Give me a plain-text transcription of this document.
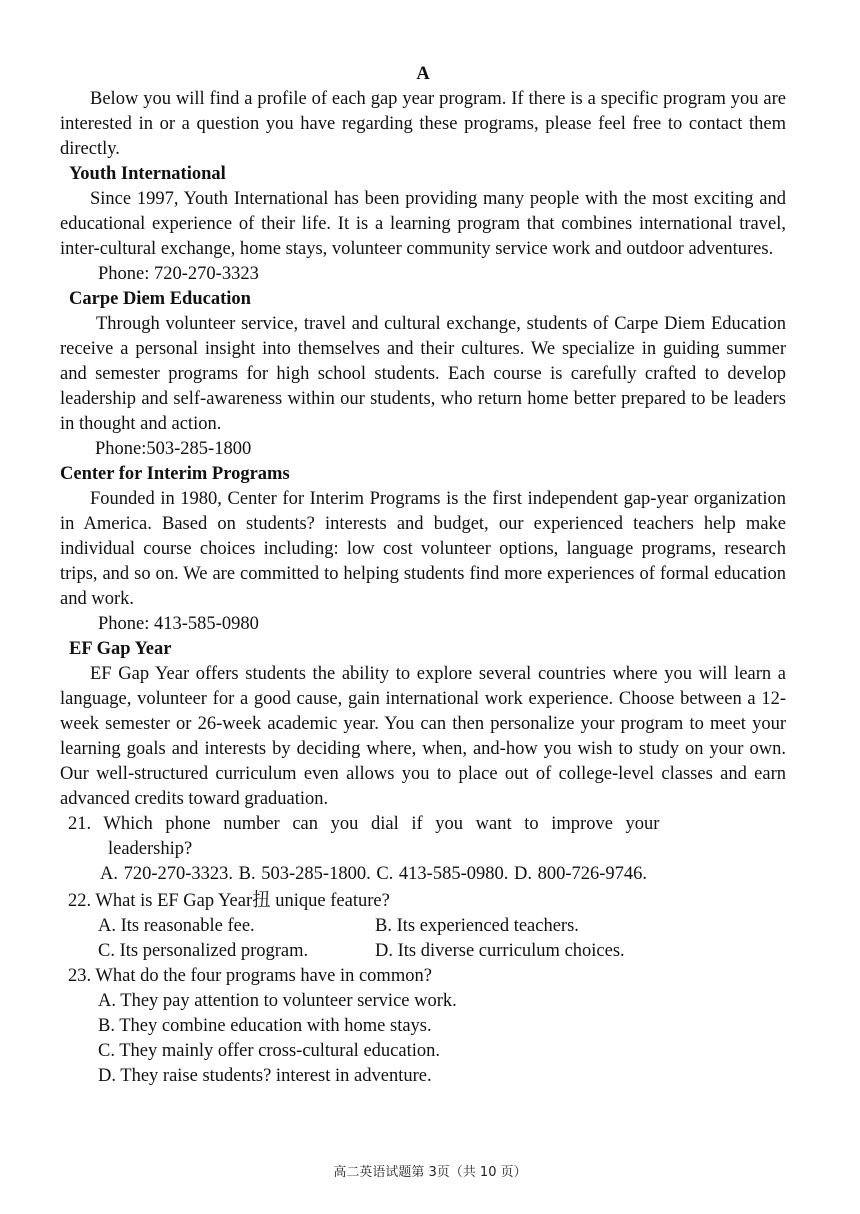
A

Below you will find a profile of each gap year program. If there is a specific program you are interested in or a question you have regarding these programs, please feel free to contact them directly.

Youth International

Since 1997, Youth International has been providing many people with the most exciting and educational experience of their life. It is a learning program that combines international travel, inter-cultural exchange, home stays, volunteer community service work and outdoor adventures.

Phone: 720-270-3323

Carpe Diem Education

Through volunteer service, travel and cultural exchange, students of Carpe Diem Education receive a personal insight into themselves and their cultures. We specialize in guiding summer and semester programs for high school students. Each course is carefully crafted to develop leadership and self-awareness within our students, who return home better prepared to be leaders in thought and action.

Phone:503-285-1800

Center for Interim Programs

Founded in 1980, Center for Interim Programs is the first independent gap-year organization in America. Based on students? interests and budget, our experienced teachers help make individual course choices including: low cost volunteer options, language programs, research trips, and so on. We are committed to helping students find more experiences of formal education and work.

Phone: 413-585-0980

EF Gap Year

EF Gap Year offers students the ability to explore several countries where you will learn a language, volunteer for a good cause, gain international work experience. Choose between a 12-week semester or 26-week academic year. You can then personalize your program to meet your learning goals and interests by deciding where, when, and-how you wish to study on your own. Our well-structured curriculum even allows you to place out of college-level classes and earn advanced credits toward graduation.

21. Which phone number can you dial if you want to improve your
leadership?
A. 720-270-3323. B. 503-285-1800. C. 413-585-0980. D. 800-726-9746.
22. What is EF Gap Year扭 unique feature?
A. Its reasonable fee.	B. Its experienced teachers.
C. Its personalized program.	D. Its diverse curriculum choices.
23. What do the four programs have in common?

A. They pay attention to volunteer service work.

B. They combine education with home stays.

C. They mainly offer cross-cultural education.

D. They raise students? interest in adventure.

高二英语试题第 3页（共 10 页）
